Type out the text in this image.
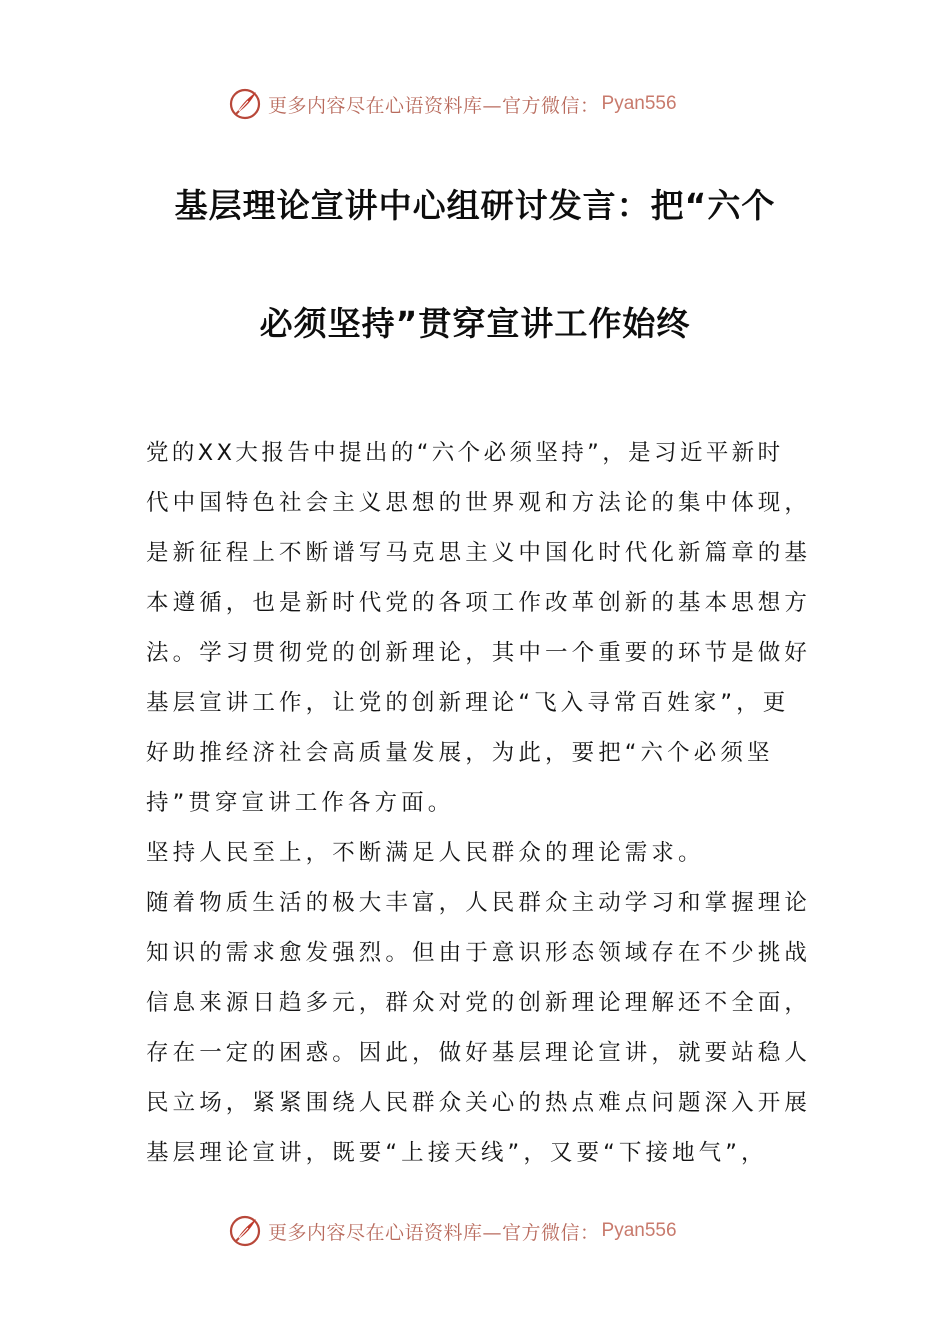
更多内容尽在心语资料库—官方微信： Pyan556
基层理论宣讲中心组研讨发言：把“六个
必须坚持”贯穿宣讲工作始终
党的XX大报告中提出的“六个必须坚持”，是习近平新时
代中国特色社会主义思想的世界观和方法论的集中体现，
是新征程上不断谱写马克思主义中国化时代化新篇章的基
本遵循，也是新时代党的各项工作改革创新的基本思想方
法。学习贯彻党的创新理论，其中一个重要的环节是做好
基层宣讲工作，让党的创新理论“飞入寻常百姓家”，更
好助推经济社会高质量发展，为此，要把“六个必须坚
持”贯穿宣讲工作各方面。
坚持人民至上，不断满足人民群众的理论需求。
随着物质生活的极大丰富，人民群众主动学习和掌握理论
知识的需求愈发强烈。但由于意识形态领域存在不少挑战
信息来源日趋多元，群众对党的创新理论理解还不全面，
存在一定的困惑。因此，做好基层理论宣讲，就要站稳人
民立场，紧紧围绕人民群众关心的热点难点问题深入开展
基层理论宣讲，既要“上接天线”，又要“下接地气”，
更多内容尽在心语资料库—官方微信： Pyan556
